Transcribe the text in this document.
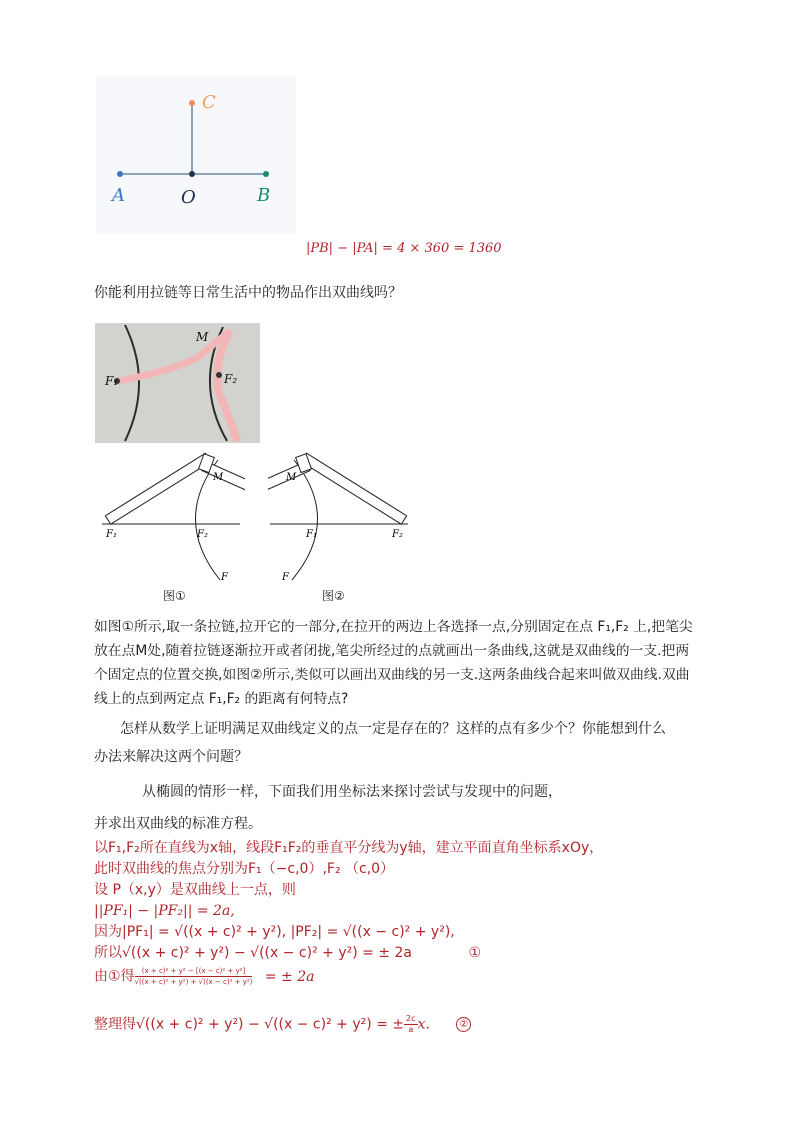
A	O	B
C
|PB| − |PA| = 4 × 360 = 1360
你能利用拉链等日常生活中的物品作出双曲线吗？
M
F₁	F₂
M
F₁	F₂
F
图①
M
F₁	F₂
F
图②
如图①所示,取一条拉链,拉开它的一部分,在拉开的两边上各选择一点,分别固定在点 F₁,F₂ 上,把笔尖
放在点M处,随着拉链逐渐拉开或者闭拢,笔尖所经过的点就画出一条曲线,这就是双曲线的一支.把两
个固定点的位置交换,如图②所示,类似可以画出双曲线的另一支.这两条曲线合起来叫做双曲线.双曲
线上的点到两定点 F₁,F₂ 的距离有何特点?
怎样从数学上证明满足双曲线定义的点一定是存在的？这样的点有多少个？你能想到什么
办法来解决这两个问题？
从椭圆的情形一样，下面我们用坐标法来探讨尝试与发现中的问题，
并求出双曲线的标准方程。
以F₁,F₂所在直线为x轴，线段F₁F₂的垂直平分线为y轴，建立平面直角坐标系xOy，
此时双曲线的焦点分别为F₁（−c,0）,F₂ （c,0）
设 P（x,y）是双曲线上一点，则
||PF₁| − |PF₂|| = 2a,
因为|PF₁| = √((x + c)² + y²), |PF₂| = √((x − c)² + y²),
所以√((x + c)² + y²) − √((x − c)² + y²) = ± 2a	①
由①得 $\frac{\text{(x + c)² + y² − [(x − c)² + y²]}}{\text{√((x + c)² + y²) + √((x − c)² + y²)}}$ = ± 2a
整理得√((x + c)² + y²) − √((x − c)² + y²) = ± $\frac{2c}{a} x$.	②
